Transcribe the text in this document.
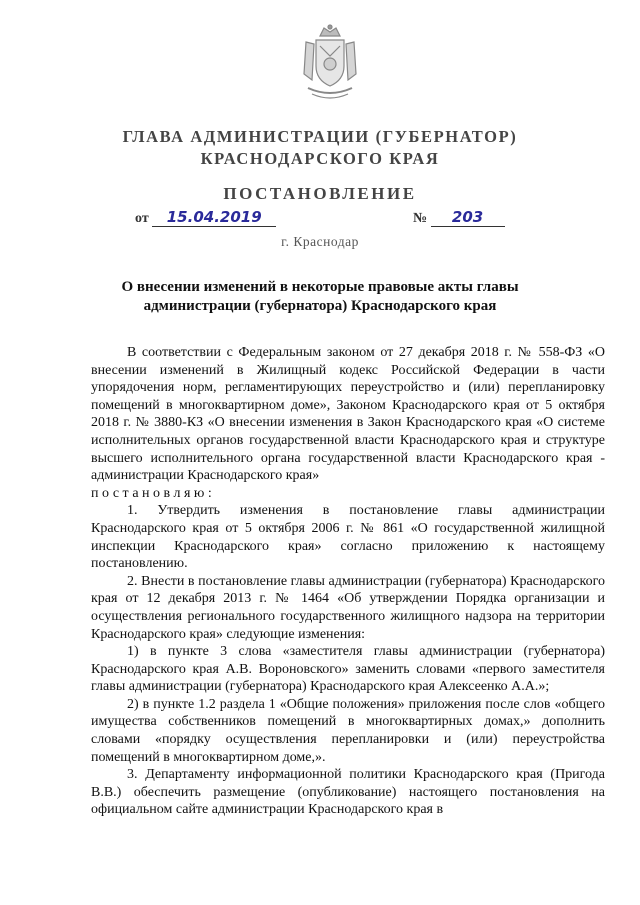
ГЛАВА АДМИНИСТРАЦИИ (ГУБЕРНАТОР)
КРАСНОДАРСКОГО КРАЯ
ПОСТАНОВЛЕНИЕ
от 15.04.2019	№ 203
г. Краснодар
О внесении изменений в некоторые правовые акты главы
администрации (губернатора) Краснодарского края

В соответствии с Федеральным законом от 27 декабря 2018 г. № 558-ФЗ «О внесении изменений в Жилищный кодекс Российской Федерации в части упорядочения норм, регламентирующих переустройство и (или) перепланировку помещений в многоквартирном доме», Законом Краснодарского края от 5 октября 2018 г. № 3880-КЗ «О внесении изменения в Закон Краснодарского края «О системе исполнительных органов государственной власти Краснодарского края и структуре высшего исполнительного органа государственной власти Краснодарского края - администрации Краснодарского края»

постановляю:

1. Утвердить изменения в постановление главы администрации Краснодарского края от 5 октября 2006 г. № 861 «О государственной жилищной инспекции Краснодарского края» согласно приложению к настоящему постановлению.

2. Внести в постановление главы администрации (губернатора) Краснодарского края от 12 декабря 2013 г. № 1464 «Об утверждении Порядка организации и осуществления регионального государственного жилищного надзора на территории Краснодарского края» следующие изменения:

1) в пункте 3 слова «заместителя главы администрации (губернатора) Краснодарского края А.В. Вороновского» заменить словами «первого заместителя главы администрации (губернатора) Краснодарского края Алексеенко А.А.»;

2) в пункте 1.2 раздела 1 «Общие положения» приложения после слов «общего имущества собственников помещений в многоквартирных домах,» дополнить словами «порядку осуществления перепланировки и (или) переустройства помещений в многоквартирном доме,».

3. Департаменту информационной политики Краснодарского края (Пригода В.В.) обеспечить размещение (опубликование) настоящего постановления на официальном сайте администрации Краснодарского края в
